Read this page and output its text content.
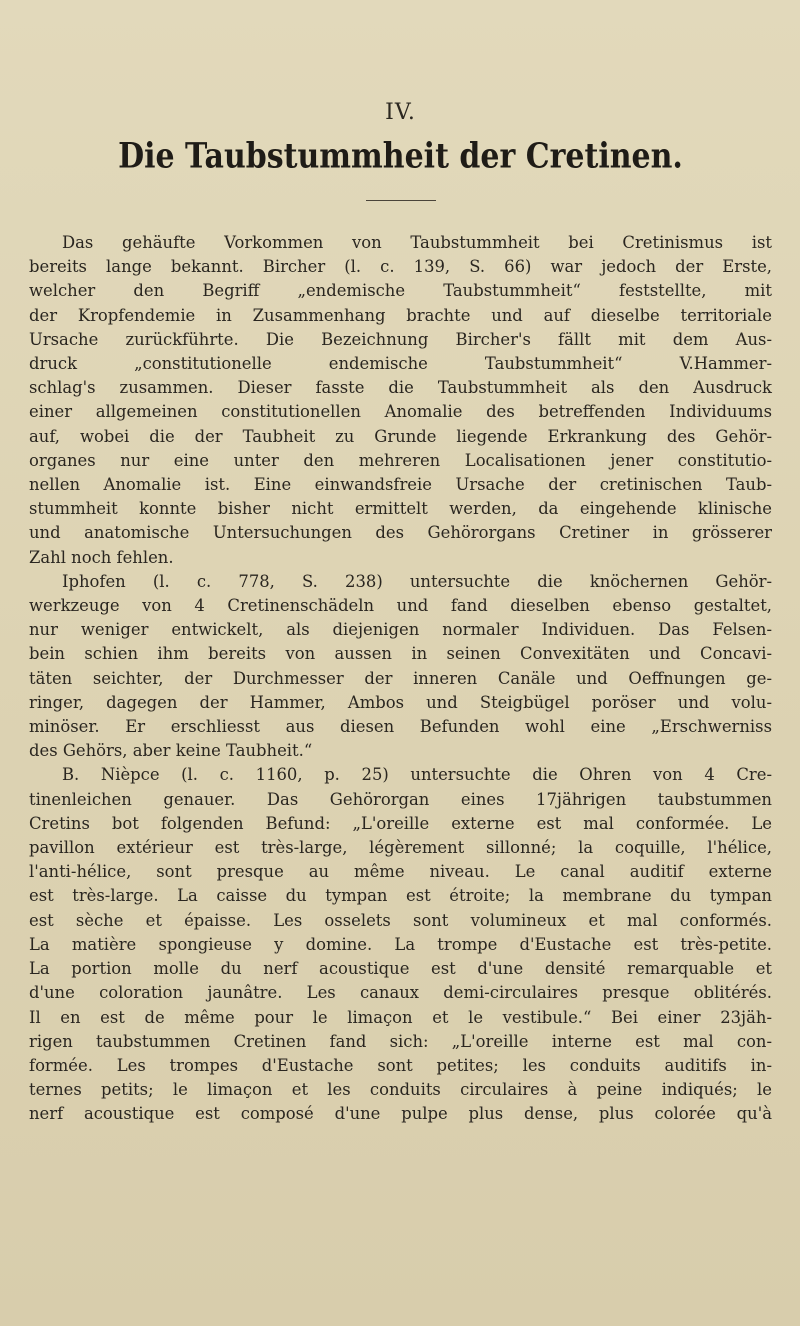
IV.
Die Taubstummheit der Cretinen.

Das gehäufte Vorkommen von Taubstummheit bei Cretinismus ist
bereits lange bekannt. Bircher (l. c. 139, S. 66) war jedoch der Erste,
welcher den Begriff „endemische Taubstummheit“ feststellte, mit
der Kropfendemie in Zusammenhang brachte und auf dieselbe territoriale
Ursache zurückführte. Die Bezeichnung Bircher's fällt mit dem Aus-
druck „constitutionelle endemische Taubstummheit“ V.Hammer-
schlag's zusammen. Dieser fasste die Taubstummheit als den Ausdruck
einer allgemeinen constitutionellen Anomalie des betreffenden Individuums
auf, wobei die der Taubheit zu Grunde liegende Erkrankung des Gehör-
organes nur eine unter den mehreren Localisationen jener constitutio-
nellen Anomalie ist. Eine einwandsfreie Ursache der cretinischen Taub-
stummheit konnte bisher nicht ermittelt werden, da eingehende klinische
und anatomische Untersuchungen des Gehörorgans Cretiner in grösserer
Zahl noch fehlen.

Iphofen (l. c. 778, S. 238) untersuchte die knöchernen Gehör-
werkzeuge von 4 Cretinenschädeln und fand dieselben ebenso gestaltet,
nur weniger entwickelt, als diejenigen normaler Individuen. Das Felsen-
bein schien ihm bereits von aussen in seinen Convexitäten und Concavi-
täten seichter, der Durchmesser der inneren Canäle und Oeffnungen ge-
ringer, dagegen der Hammer, Ambos und Steigbügel poröser und volu-
minöser. Er erschliesst aus diesen Befunden wohl eine „Erschwerniss
des Gehörs, aber keine Taubheit.“

B. Nièpce (l. c. 1160, p. 25) untersuchte die Ohren von 4 Cre-
tinenleichen genauer. Das Gehörorgan eines 17jährigen taubstummen
Cretins bot folgenden Befund: „L'oreille externe est mal conformée. Le
pavillon extérieur est très-large, légèrement sillonné; la coquille, l'hélice,
l'anti-hélice, sont presque au même niveau. Le canal auditif externe
est très-large. La caisse du tympan est étroite; la membrane du tympan
est sèche et épaisse. Les osselets sont volumineux et mal conformés.
La matière spongieuse y domine. La trompe d'Eustache est très-petite.
La portion molle du nerf acoustique est d'une densité remarquable et
d'une coloration jaunâtre. Les canaux demi-circulaires presque oblitérés.
Il en est de même pour le limaçon et le vestibule.“ Bei einer 23jäh-
rigen taubstummen Cretinen fand sich: „L'oreille interne est mal con-
formée. Les trompes d'Eustache sont petites; les conduits auditifs in-
ternes petits; le limaçon et les conduits circulaires à peine indiqués; le
nerf acoustique est composé d'une pulpe plus dense, plus colorée qu'à
